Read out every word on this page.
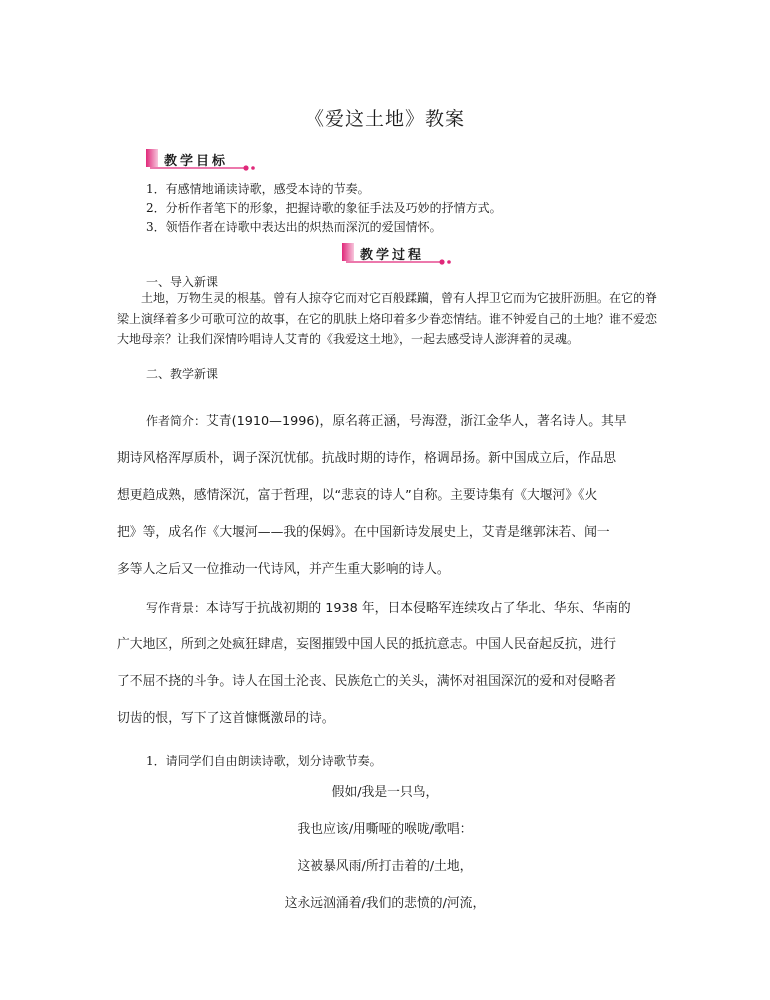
《爱这土地》教案
教学目标
1．有感情地诵读诗歌，感受本诗的节奏。
2．分析作者笔下的形象，把握诗歌的象征手法及巧妙的抒情方式。
3．领悟作者在诗歌中表达出的炽热而深沉的爱国情怀。
教学过程
一、导入新课
土地，万物生灵的根基。曾有人掠夺它而对它百般蹂躏，曾有人捍卫它而为它披肝沥胆。在它的脊梁上演绎着多少可歌可泣的故事，在它的肌肤上烙印着多少眷恋情结。谁不钟爱自己的土地？谁不爱恋大地母亲？让我们深情吟唱诗人艾青的《我爱这土地》，一起去感受诗人澎湃着的灵魂。
二、教学新课
作者简介：艾青(1910—1996)，原名蒋正涵，号海澄，浙江金华人，著名诗人。其早
期诗风格浑厚质朴，调子深沉忧郁。抗战时期的诗作，格调昂扬。新中国成立后，作品思
想更趋成熟，感情深沉，富于哲理，以“悲哀的诗人”自称。主要诗集有《大堰河》《火
把》等，成名作《大堰河——我的保姆》。在中国新诗发展史上，艾青是继郭沫若、闻一
多等人之后又一位推动一代诗风，并产生重大影响的诗人。
写作背景：本诗写于抗战初期的 1938 年，日本侵略军连续攻占了华北、华东、华南的
广大地区，所到之处疯狂肆虐，妄图摧毁中国人民的抵抗意志。中国人民奋起反抗，进行
了不屈不挠的斗争。诗人在国土沦丧、民族危亡的关头，满怀对祖国深沉的爱和对侵略者
切齿的恨，写下了这首慷慨激昂的诗。
1．请同学们自由朗读诗歌，划分诗歌节奏。
假如/我是一只鸟，
我也应该/用嘶哑的喉咙/歌唱：
这被暴风雨/所打击着的/土地，
这永远汹涌着/我们的悲愤的/河流，
